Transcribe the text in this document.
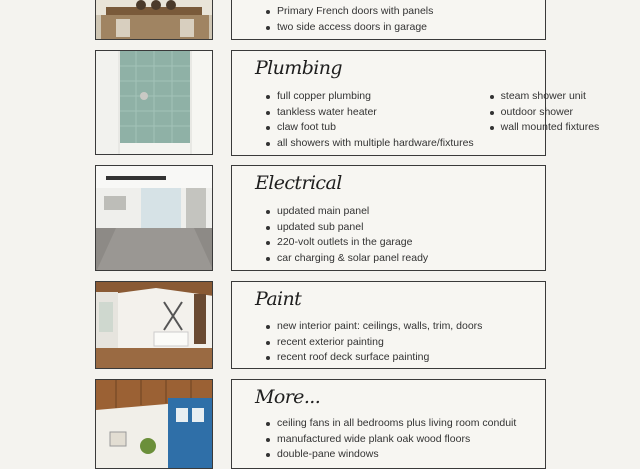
Primary French doors with panels
two side access doors in garage
Plumbing
full copper plumbing
tankless water heater
claw foot tub
all showers with multiple hardware/fixtures
steam shower unit
outdoor shower
wall mounted fixtures
Electrical
updated main panel
updated sub panel
220-volt outlets in the garage
car charging & solar panel ready
Paint
new interior paint: ceilings, walls, trim, doors
recent exterior painting
recent roof deck surface painting
More...
ceiling fans in all bedrooms plus living room conduit
manufactured wide plank oak wood floors
double-pane windows
